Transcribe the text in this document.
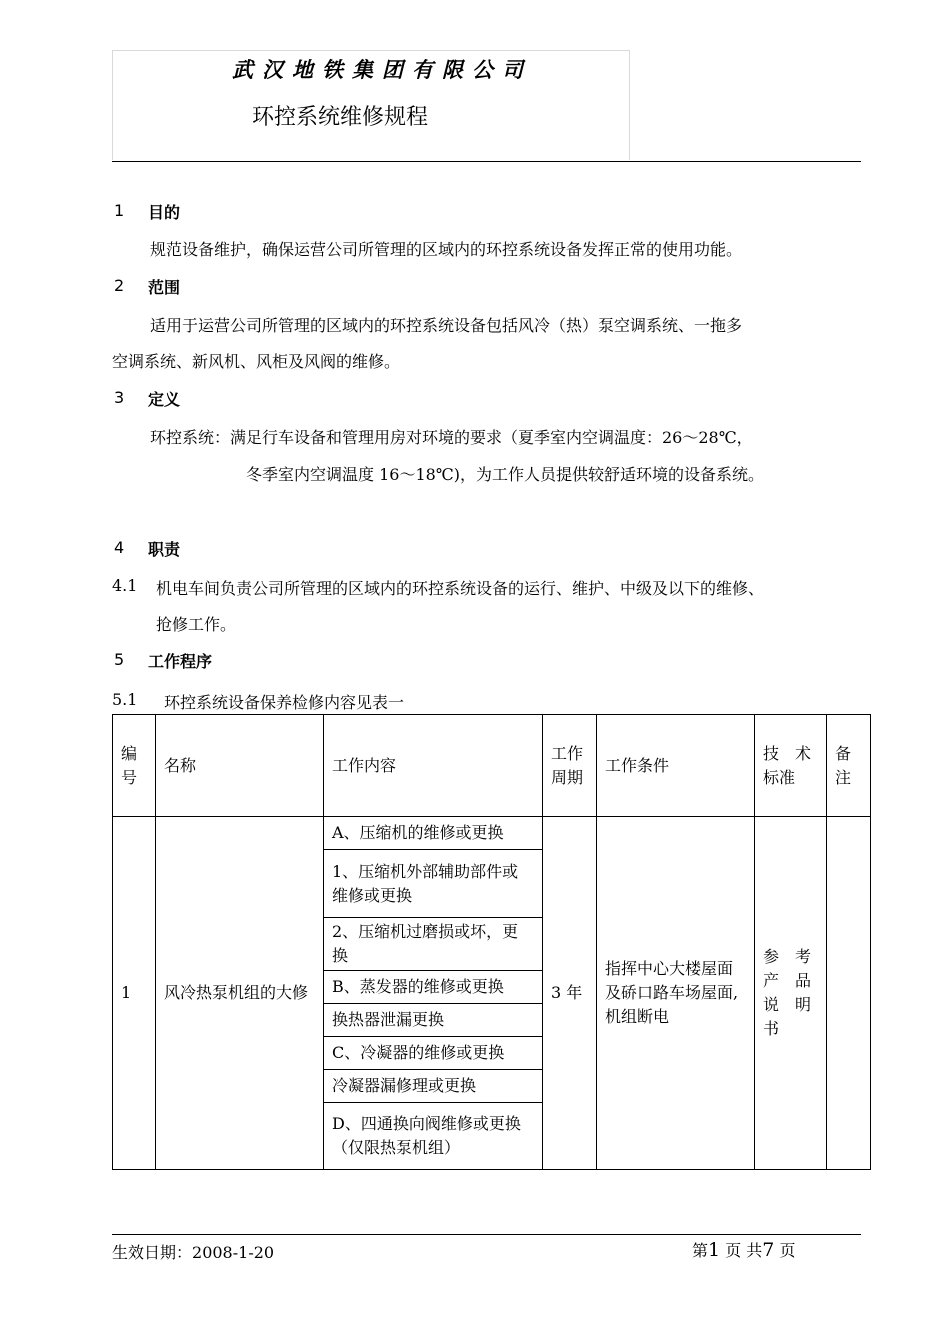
武汉地铁集团有限公司
环控系统维修规程
1 目的
规范设备维护，确保运营公司所管理的区域内的环控系统设备发挥正常的使用功能。
2 范围
适用于运营公司所管理的区域内的环控系统设备包括风冷（热）泵空调系统、一拖多
空调系统、新风机、风柜及风阀的维修。
3 定义
环控系统：满足行车设备和管理用房对环境的要求（夏季室内空调温度：26～28℃，
冬季室内空调温度 16～18℃)，为工作人员提供较舒适环境的设备系统。
4 职责
4.1 机电车间负责公司所管理的区域内的环控系统设备的运行、维护、中级及以下的维修、
抢修工作。
5 工作程序
5.1 环控系统设备保养检修内容见表一
编号	名称	工作内容	工作周期	工作条件	技　术标准	备注
1	风冷热泵机组的大修	A、压缩机的维修或更换	3 年	指挥中心大楼屋面及硚口路车场屋面,机组断电	参　考产　品说　明书	
		1、压缩机外部辅助部件或维修或更换				
		2、压缩机过磨损或坏，更换				
		B、蒸发器的维修或更换				
		换热器泄漏更换				
		C、冷凝器的维修或更换				
		冷凝器漏修理或更换				
		D、四通换向阀维修或更换 （仅限热泵机组）				
生效日期：2008-1-20	第1 页 共7 页
